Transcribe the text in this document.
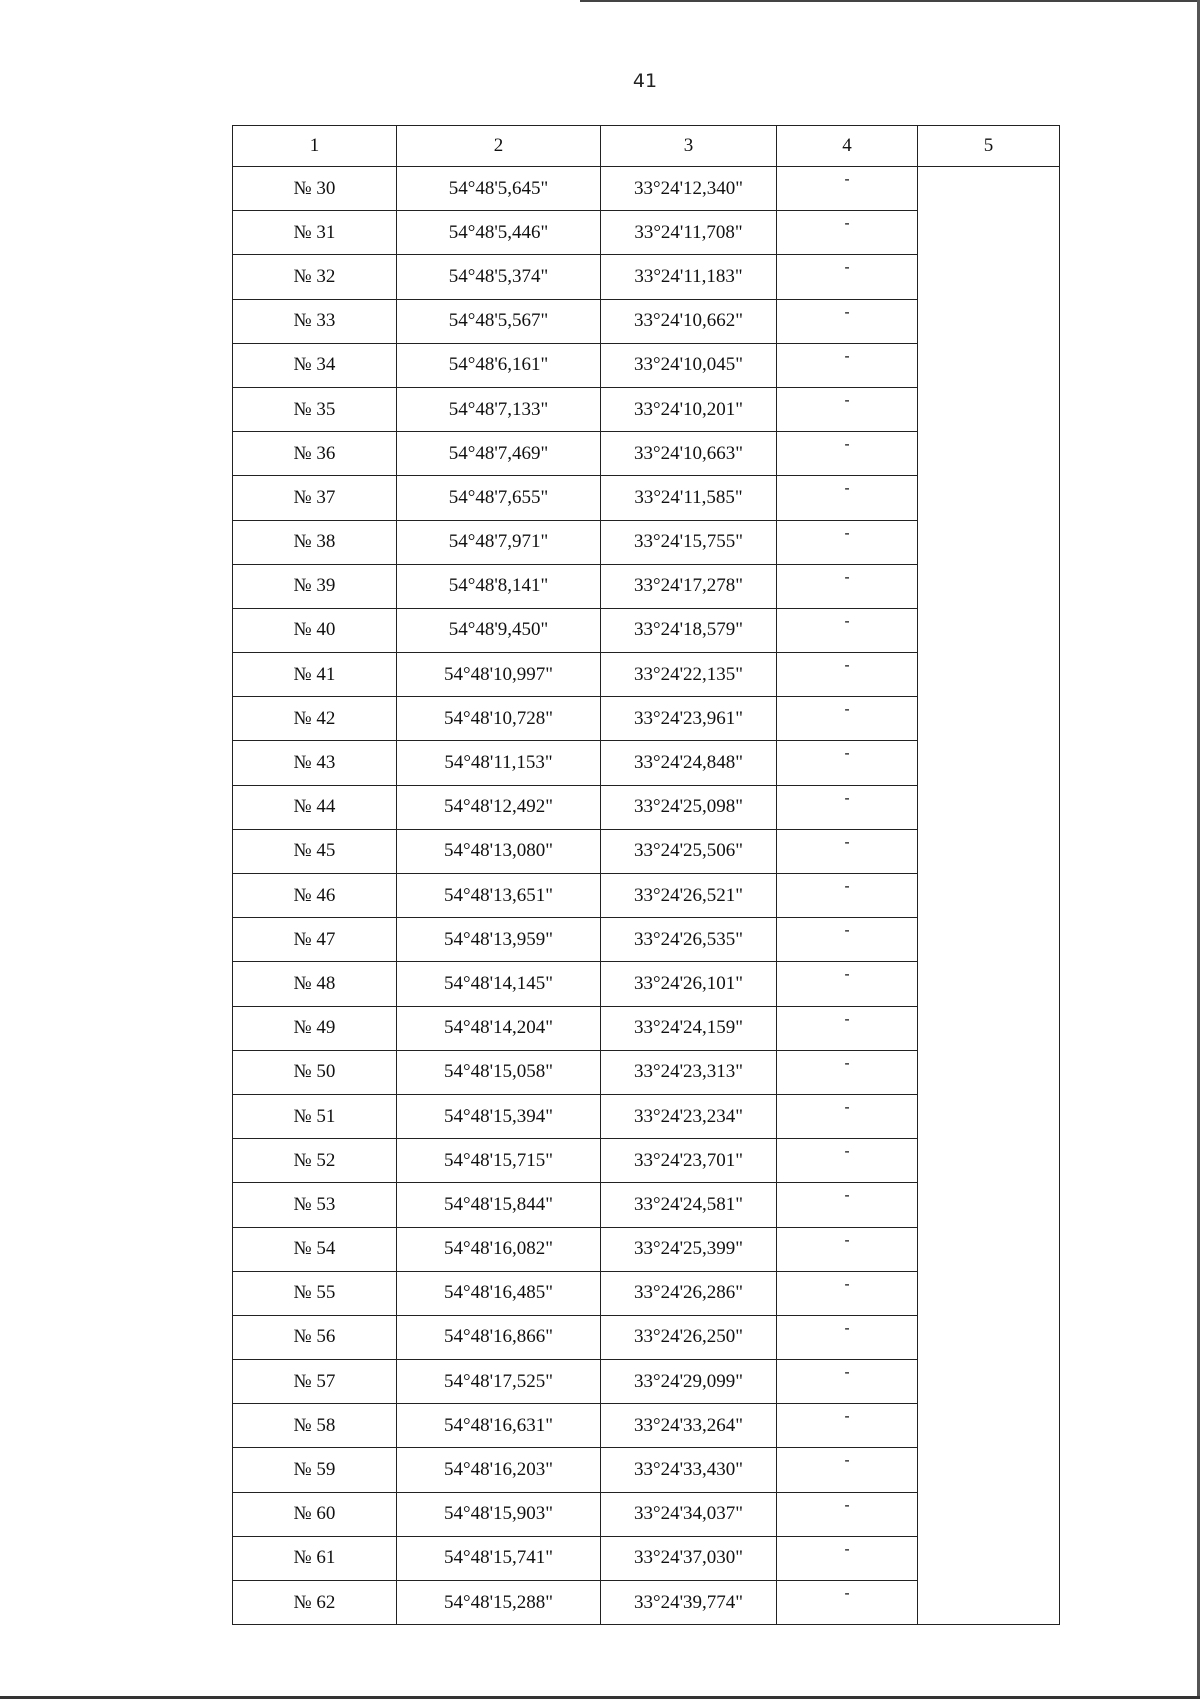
41
1	2	3	4	5
№ 30	54°48'5,645"	33°24'12,340"	-	
№ 31	54°48'5,446"	33°24'11,708"	-	
№ 32	54°48'5,374"	33°24'11,183"	-	
№ 33	54°48'5,567"	33°24'10,662"	-	
№ 34	54°48'6,161"	33°24'10,045"	-	
№ 35	54°48'7,133"	33°24'10,201"	-	
№ 36	54°48'7,469"	33°24'10,663"	-	
№ 37	54°48'7,655"	33°24'11,585"	-	
№ 38	54°48'7,971"	33°24'15,755"	-	
№ 39	54°48'8,141"	33°24'17,278"	-	
№ 40	54°48'9,450"	33°24'18,579"	-	
№ 41	54°48'10,997"	33°24'22,135"	-	
№ 42	54°48'10,728"	33°24'23,961"	-	
№ 43	54°48'11,153"	33°24'24,848"	-	
№ 44	54°48'12,492"	33°24'25,098"	-	
№ 45	54°48'13,080"	33°24'25,506"	-	
№ 46	54°48'13,651"	33°24'26,521"	-	
№ 47	54°48'13,959"	33°24'26,535"	-	
№ 48	54°48'14,145"	33°24'26,101"	-	
№ 49	54°48'14,204"	33°24'24,159"	-	
№ 50	54°48'15,058"	33°24'23,313"	-	
№ 51	54°48'15,394"	33°24'23,234"	-	
№ 52	54°48'15,715"	33°24'23,701"	-	
№ 53	54°48'15,844"	33°24'24,581"	-	
№ 54	54°48'16,082"	33°24'25,399"	-	
№ 55	54°48'16,485"	33°24'26,286"	-	
№ 56	54°48'16,866"	33°24'26,250"	-	
№ 57	54°48'17,525"	33°24'29,099"	-	
№ 58	54°48'16,631"	33°24'33,264"	-	
№ 59	54°48'16,203"	33°24'33,430"	-	
№ 60	54°48'15,903"	33°24'34,037"	-	
№ 61	54°48'15,741"	33°24'37,030"	-	
№ 62	54°48'15,288"	33°24'39,774"	-	
